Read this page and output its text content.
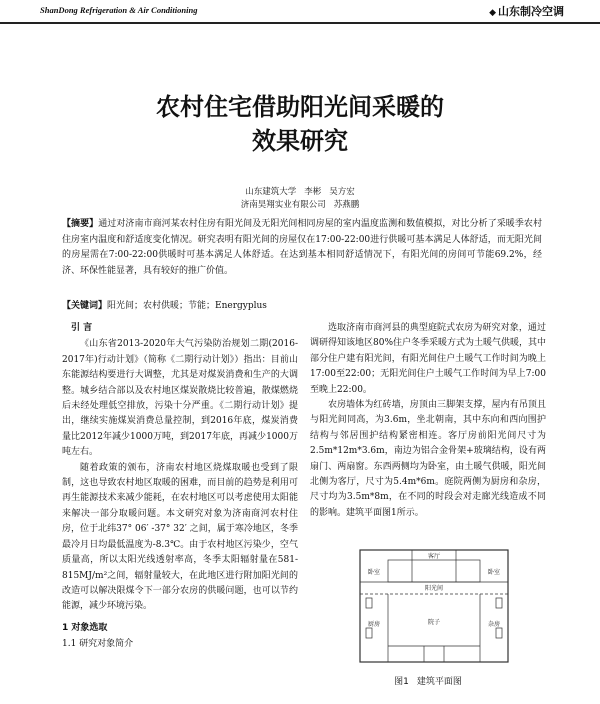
ShanDong Refrigeration & Air Conditioning	◆ 山东制冷空调
农村住宅借助阳光间采暖的
效果研究
山东建筑大学 李彬 吴方宏
济南昊翔实业有限公司 苏燕鹏
【摘要】通过对济南市商河某农村住房有阳光间及无阳光间相同房屋的室内温度监测和数值模拟，对比分析了采暖季农村住房室内温度和舒适度变化情况。研究表明有阳光间的房屋仅在17:00-22:00进行供暖可基本满足人体舒适，而无阳光间的房屋需在7:00-22:00供暖时可基本满足人体舒适。在达到基本相同舒适情况下，有阳光间的房间可节能69.2%，经济、环保性能显著，具有较好的推广价值。
【关键词】阳光间；农村供暖；节能；Energyplus
引 言

《山东省2013-2020年大气污染防治规划二期(2016-2017年)行动计划》（简称《二期行动计划》）指出：目前山东能源结构要进行大调整，尤其是对煤炭消费和生产的大调整。城乡结合部以及农村地区煤炭散烧比较普遍，散煤燃烧后未经处理低空排放，污染十分严重。《二期行动计划》提出，继续实施煤炭消费总量控制，到2016年底，煤炭消费量比2012年减少1000万吨，到2017年底，再减少1000万吨左右。

随着政策的颁布，济南农村地区烧煤取暖也受到了限制，这也导致农村地区取暖的困难，而目前的趋势是利用可再生能源技术来减少能耗，在农村地区可以考虑使用太阳能来解决一部分取暖问题。本文研究对象为济南商河农村住房，位于北纬37° 06′ -37° 32′ 之间，属于寒冷地区，冬季最冷月日均最低温度为-8.3℃。由于农村地区污染少，空气质量高，所以太阳光线透射率高，冬季太阳辐射量在581-815MJ/m²之间，辐射量较大，在此地区进行附加阳光间的改造可以解决限煤令下一部分农房的供暖问题，也可以节约能源，减少环境污染。

1 对象选取

1.1 研究对象简介

选取济南市商河县的典型庭院式农房为研究对象，通过调研得知该地区80%住户冬季采暖方式为土暖气供暖，其中部分住户建有阳光间，有阳光间住户土暖气工作时间为晚上17:00至22:00；无阳光间住户土暖气工作时间为早上7:00至晚上22:00。

农房墙体为红砖墙，房顶由三脚架支撑，屋内有吊顶且与阳光间同高，为3.6m，坐北朝南，其中东向和西向围护结构与邻居围护结构紧密相连。客厅房前阳光间尺寸为2.5m*12m*3.6m，南边为铝合金骨架+玻璃结构，设有两扇门、两扇窗。东西两侧均为卧室，由土暖气供暖，阳光间北侧为客厅，尺寸为5.4m*6m。庭院两侧为厨房和杂房，尺寸均为3.5m*8m，在不同的时段会对走廊光线造成不同的影响。建筑平面图1所示。

卧室
客厅
卧室
阳光间
厨房	院子	杂房
图1 建筑平面图
